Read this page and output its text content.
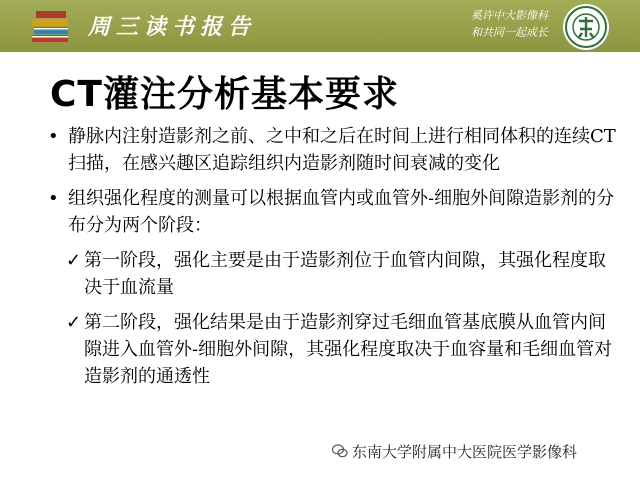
周三读书报告	奚许中大影像科
和共同一起成长
CT灌注分析基本要求
• 静脉内注射造影剂之前、之中和之后在时间上进行相同体积的连续CT扫描，在感兴趣区追踪组织内造影剂随时间衰减的变化
• 组织强化程度的测量可以根据血管内或血管外-细胞外间隙造影剂的分布分为两个阶段：
✓ 第一阶段，强化主要是由于造影剂位于血管内间隙，其强化程度取决于血流量
✓ 第二阶段，强化结果是由于造影剂穿过毛细血管基底膜从血管内间隙进入血管外-细胞外间隙，其强化程度取决于血容量和毛细血管对造影剂的通透性
东南大学附属中大医院医学影像科
